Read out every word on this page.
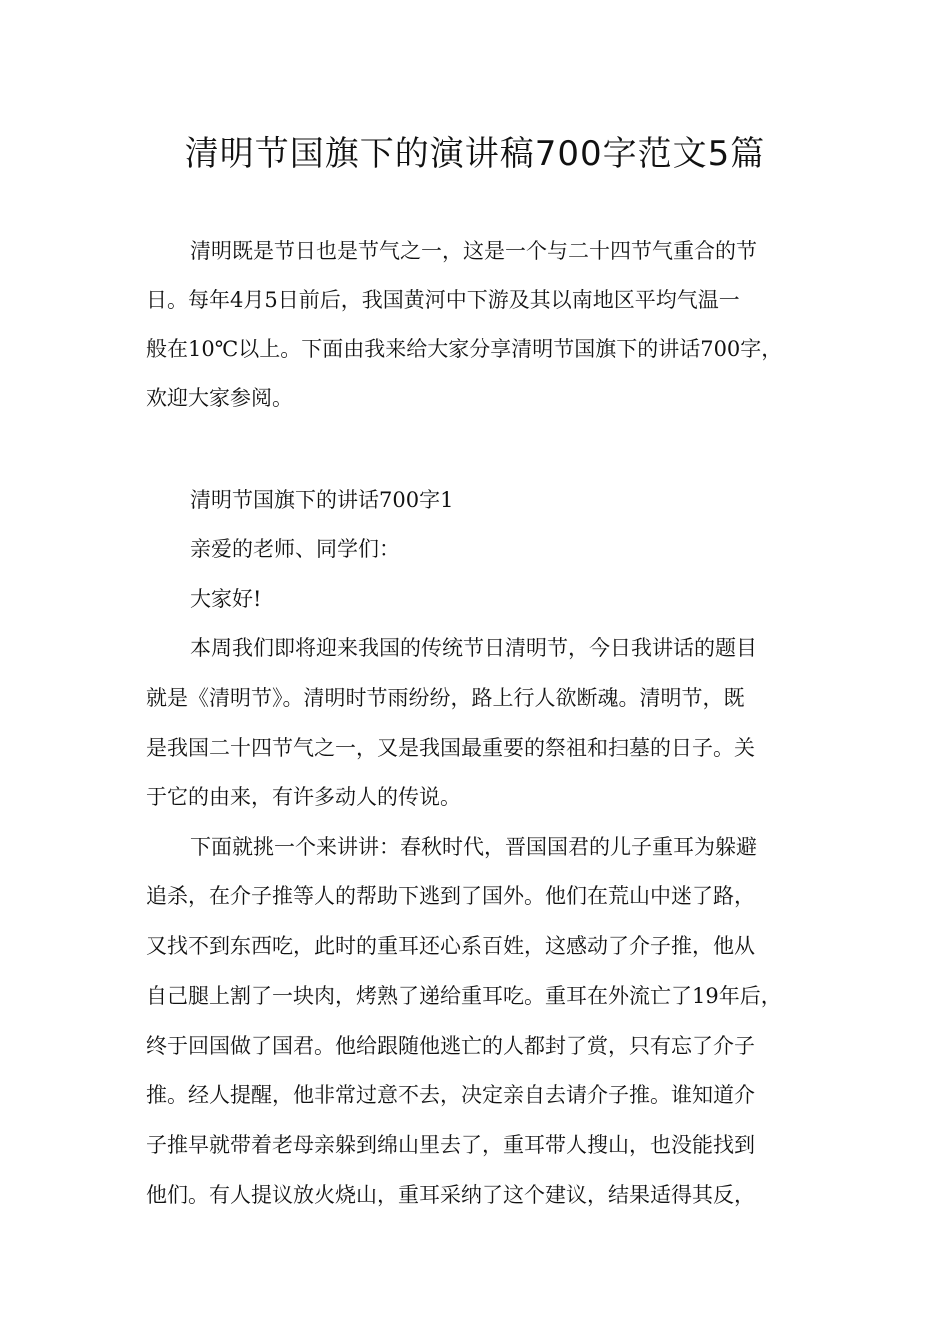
清明节国旗下的演讲稿700字范文5篇
清明既是节日也是节气之一，这是一个与二十四节气重合的节
日。每年4月5日前后，我国黄河中下游及其以南地区平均气温一
般在10℃以上。下面由我来给大家分享清明节国旗下的讲话700字，
欢迎大家参阅。
清明节国旗下的讲话700字1
亲爱的老师、同学们：
大家好!
本周我们即将迎来我国的传统节日清明节，今日我讲话的题目
就是《清明节》。清明时节雨纷纷，路上行人欲断魂。清明节，既
是我国二十四节气之一，又是我国最重要的祭祖和扫墓的日子。关
于它的由来，有许多动人的传说。
下面就挑一个来讲讲：春秋时代，晋国国君的儿子重耳为躲避
追杀，在介子推等人的帮助下逃到了国外。他们在荒山中迷了路，
又找不到东西吃，此时的重耳还心系百姓，这感动了介子推，他从
自己腿上割了一块肉，烤熟了递给重耳吃。重耳在外流亡了19年后，
终于回国做了国君。他给跟随他逃亡的人都封了赏，只有忘了介子
推。经人提醒，他非常过意不去，决定亲自去请介子推。谁知道介
子推早就带着老母亲躲到绵山里去了，重耳带人搜山，也没能找到
他们。有人提议放火烧山，重耳采纳了这个建议，结果适得其反，
